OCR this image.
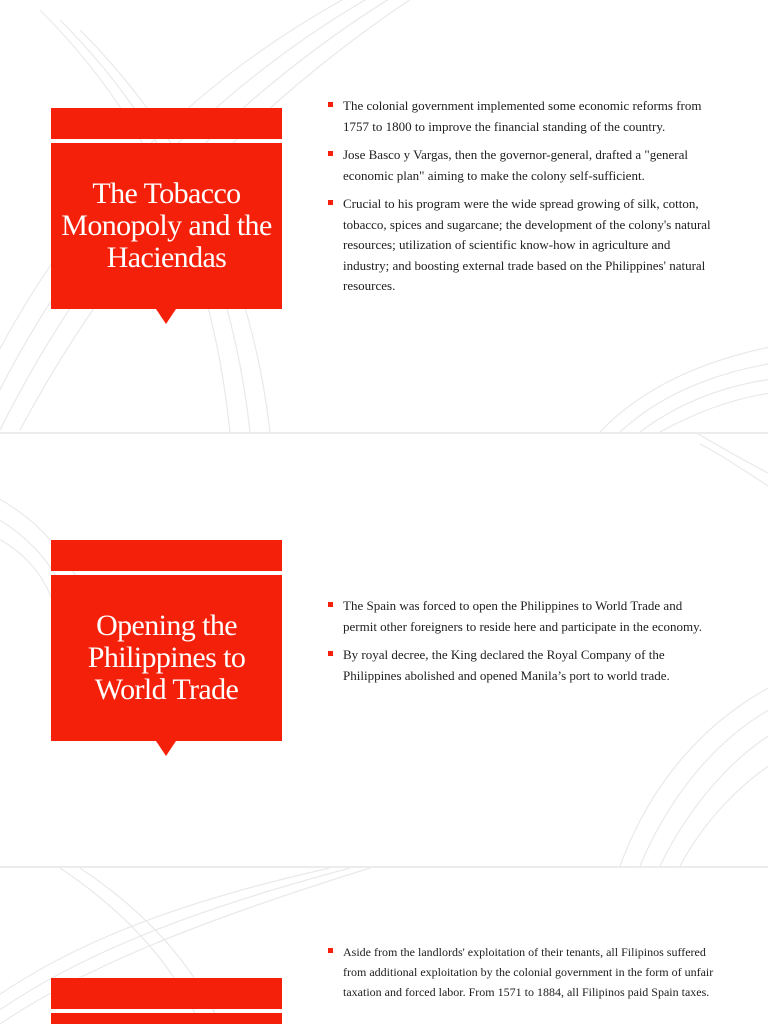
The Tobacco Monopoly and the Haciendas
The colonial government implemented some economic reforms from 1757 to 1800 to improve the financial standing of the country.
Jose Basco y Vargas, then the governor-general, drafted a "general economic plan" aiming to make the colony self-sufficient.
Crucial to his program were the wide spread growing of silk, cotton, tobacco, spices and sugarcane; the development of the colony's natural resources; utilization of scientific know-how in agriculture and industry; and boosting external trade based on the Philippines' natural resources.
Opening the Philippines to World Trade
The Spain was forced to open the Philippines to World Trade and permit other foreigners to reside here and participate in the economy.
By royal decree, the King declared the Royal Company of the Philippines abolished and opened Manila’s port to world trade.
Aside from the landlords' exploitation of their tenants, all Filipinos suffered from additional exploitation by the colonial government in the form of unfair taxation and forced labor. From 1571 to 1884, all Filipinos paid Spain taxes.
